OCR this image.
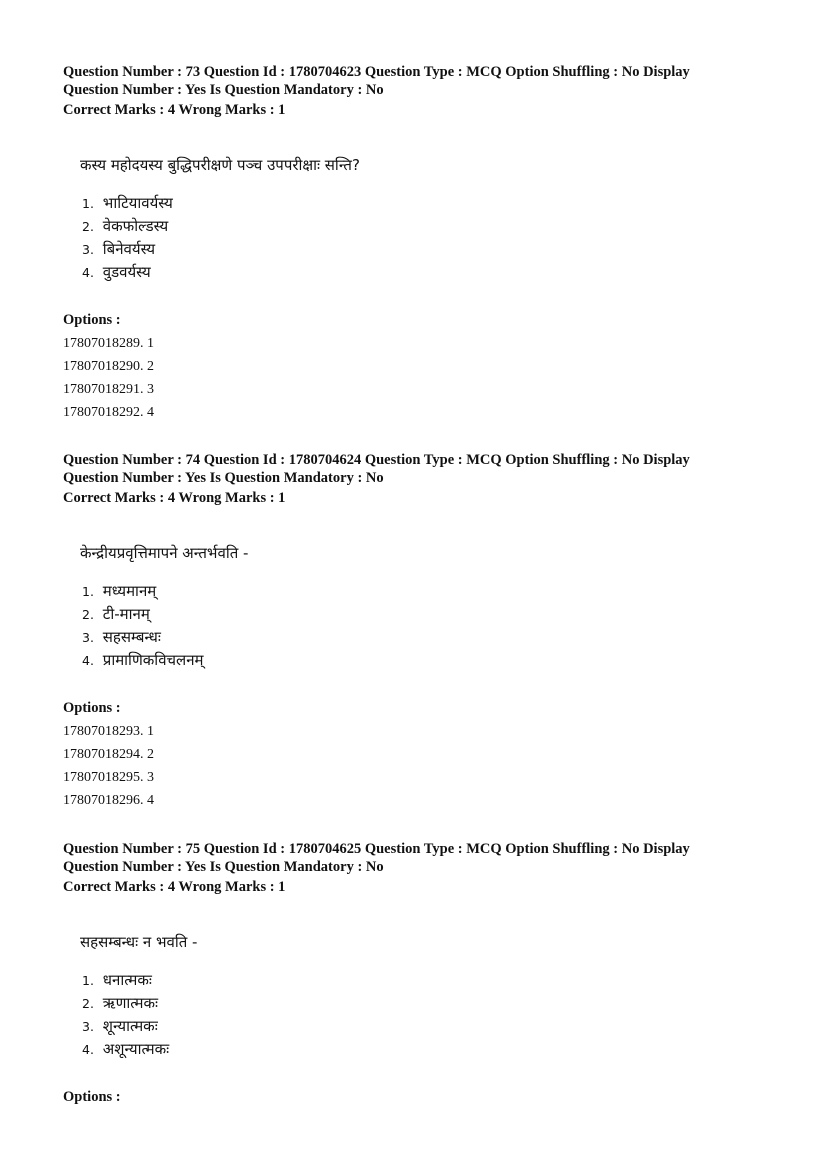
Question Number : 73 Question Id : 1780704623 Question Type : MCQ Option Shuffling : No Display

Question Number : Yes Is Question Mandatory : No

Correct Marks : 4 Wrong Marks : 1

कस्य महोदयस्य बुद्धिपरीक्षणे पञ्च उपपरीक्षाः सन्ति?
1. भाटियावर्यस्य
2. वेकफोल्डस्य
3. बिनेवर्यस्य
4. वुडवर्यस्य

Options :

17807018289. 1
17807018290. 2
17807018291. 3
17807018292. 4

Question Number : 74 Question Id : 1780704624 Question Type : MCQ Option Shuffling : No Display

Question Number : Yes Is Question Mandatory : No

Correct Marks : 4 Wrong Marks : 1

केन्द्रीयप्रवृत्तिमापने अन्तर्भवति -
1. मध्यमानम्
2. टी-मानम्
3. सहसम्बन्धः
4. प्रामाणिकविचलनम्

Options :

17807018293. 1
17807018294. 2
17807018295. 3
17807018296. 4

Question Number : 75 Question Id : 1780704625 Question Type : MCQ Option Shuffling : No Display

Question Number : Yes Is Question Mandatory : No

Correct Marks : 4 Wrong Marks : 1

सहसम्बन्धः न भवति -
1. धनात्मकः
2. ऋणात्मकः
3. शून्यात्मकः
4. अशून्यात्मकः

Options :
